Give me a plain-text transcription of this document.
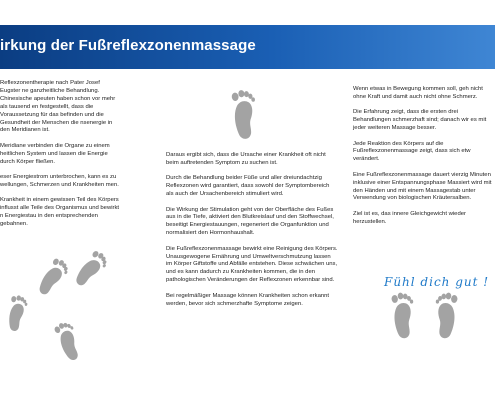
irkung der Fußreflexzonenmassage

Reflexzonentherapie nach Pater Josef Eugster ne ganzheitliche Behandlung. Chinesische apeuten haben schon vor mehr als tausend en festgestellt, dass die Voraussetzung für das befinden und die Gesundheit der Menschen die nsenergie in den Meridianen ist.

Meridiane verbinden die Organe zu einem heitlichen System und lassen die Energie durch Körper fließen.

eser Energiestrom unterbrochen, kann es zu wellungen, Schmerzen und Krankheiten men.

Krankheit in einem gewissen Teil des Körpers influsst alle Teile des Organismus und bewirkt n Energiestau in den entsprechenden gebahnen.

Daraus ergibt sich, dass die Ursache einer Krankheit oft nicht beim auftretenden Symptom zu suchen ist.

Durch die Behandlung beider Füße und aller dreiundachtzig Reflexzonen wird garantiert, dass sowohl der Symptombereich als auch der Ursachenbereich stimuliert wird.

Die Wirkung der Stimulation geht von der Oberfläche des Fußes aus in die Tiefe, aktiviert den Blutkreislauf und den Stoffwechsel, beseitigt Energiestauungen, regeneriert die Organfunktion und normalisiert den Hormonhaushalt.

Die Fußreflexzonenmassage bewirkt eine Reinigung des Körpers. Unausgewogene Ernährung und Umweltverschmutzung lassen im Körper Giftstoffe und Abfälle entstehen. Diese schwächen uns, und es kann dadurch zu Krankheiten kommen, die in den pathologischen Veränderungen der Reflexzonen erkennbar sind.

Bei regelmäßiger Massage können Krankheiten schon erkannt werden, bevor sich schmerzhafte Symptome zeigen.

Wenn etwas in Bewegung kommen soll, geh nicht ohne Kraft und damit auch nicht ohne Schmerz.

Die Erfahrung zeigt, dass die ersten drei Behandlungen schmerzhaft sind; danach wir es mit jeder weiteren Massage besser.

Jede Reaktion des Körpers auf die Fußreflexzonenmassage zeigt, dass sich etw verändert.

Eine Fußreflexzonenmassage dauert vierzig Minuten inklusive einer Entspannungsphase Massiert wird mit den Händen und mit einem Massagestab unter Verwendung von biologischen Kräutersalben.

Ziel ist es, das innere Gleichgewicht wieder herzustellen.

Fühl dich gut !
